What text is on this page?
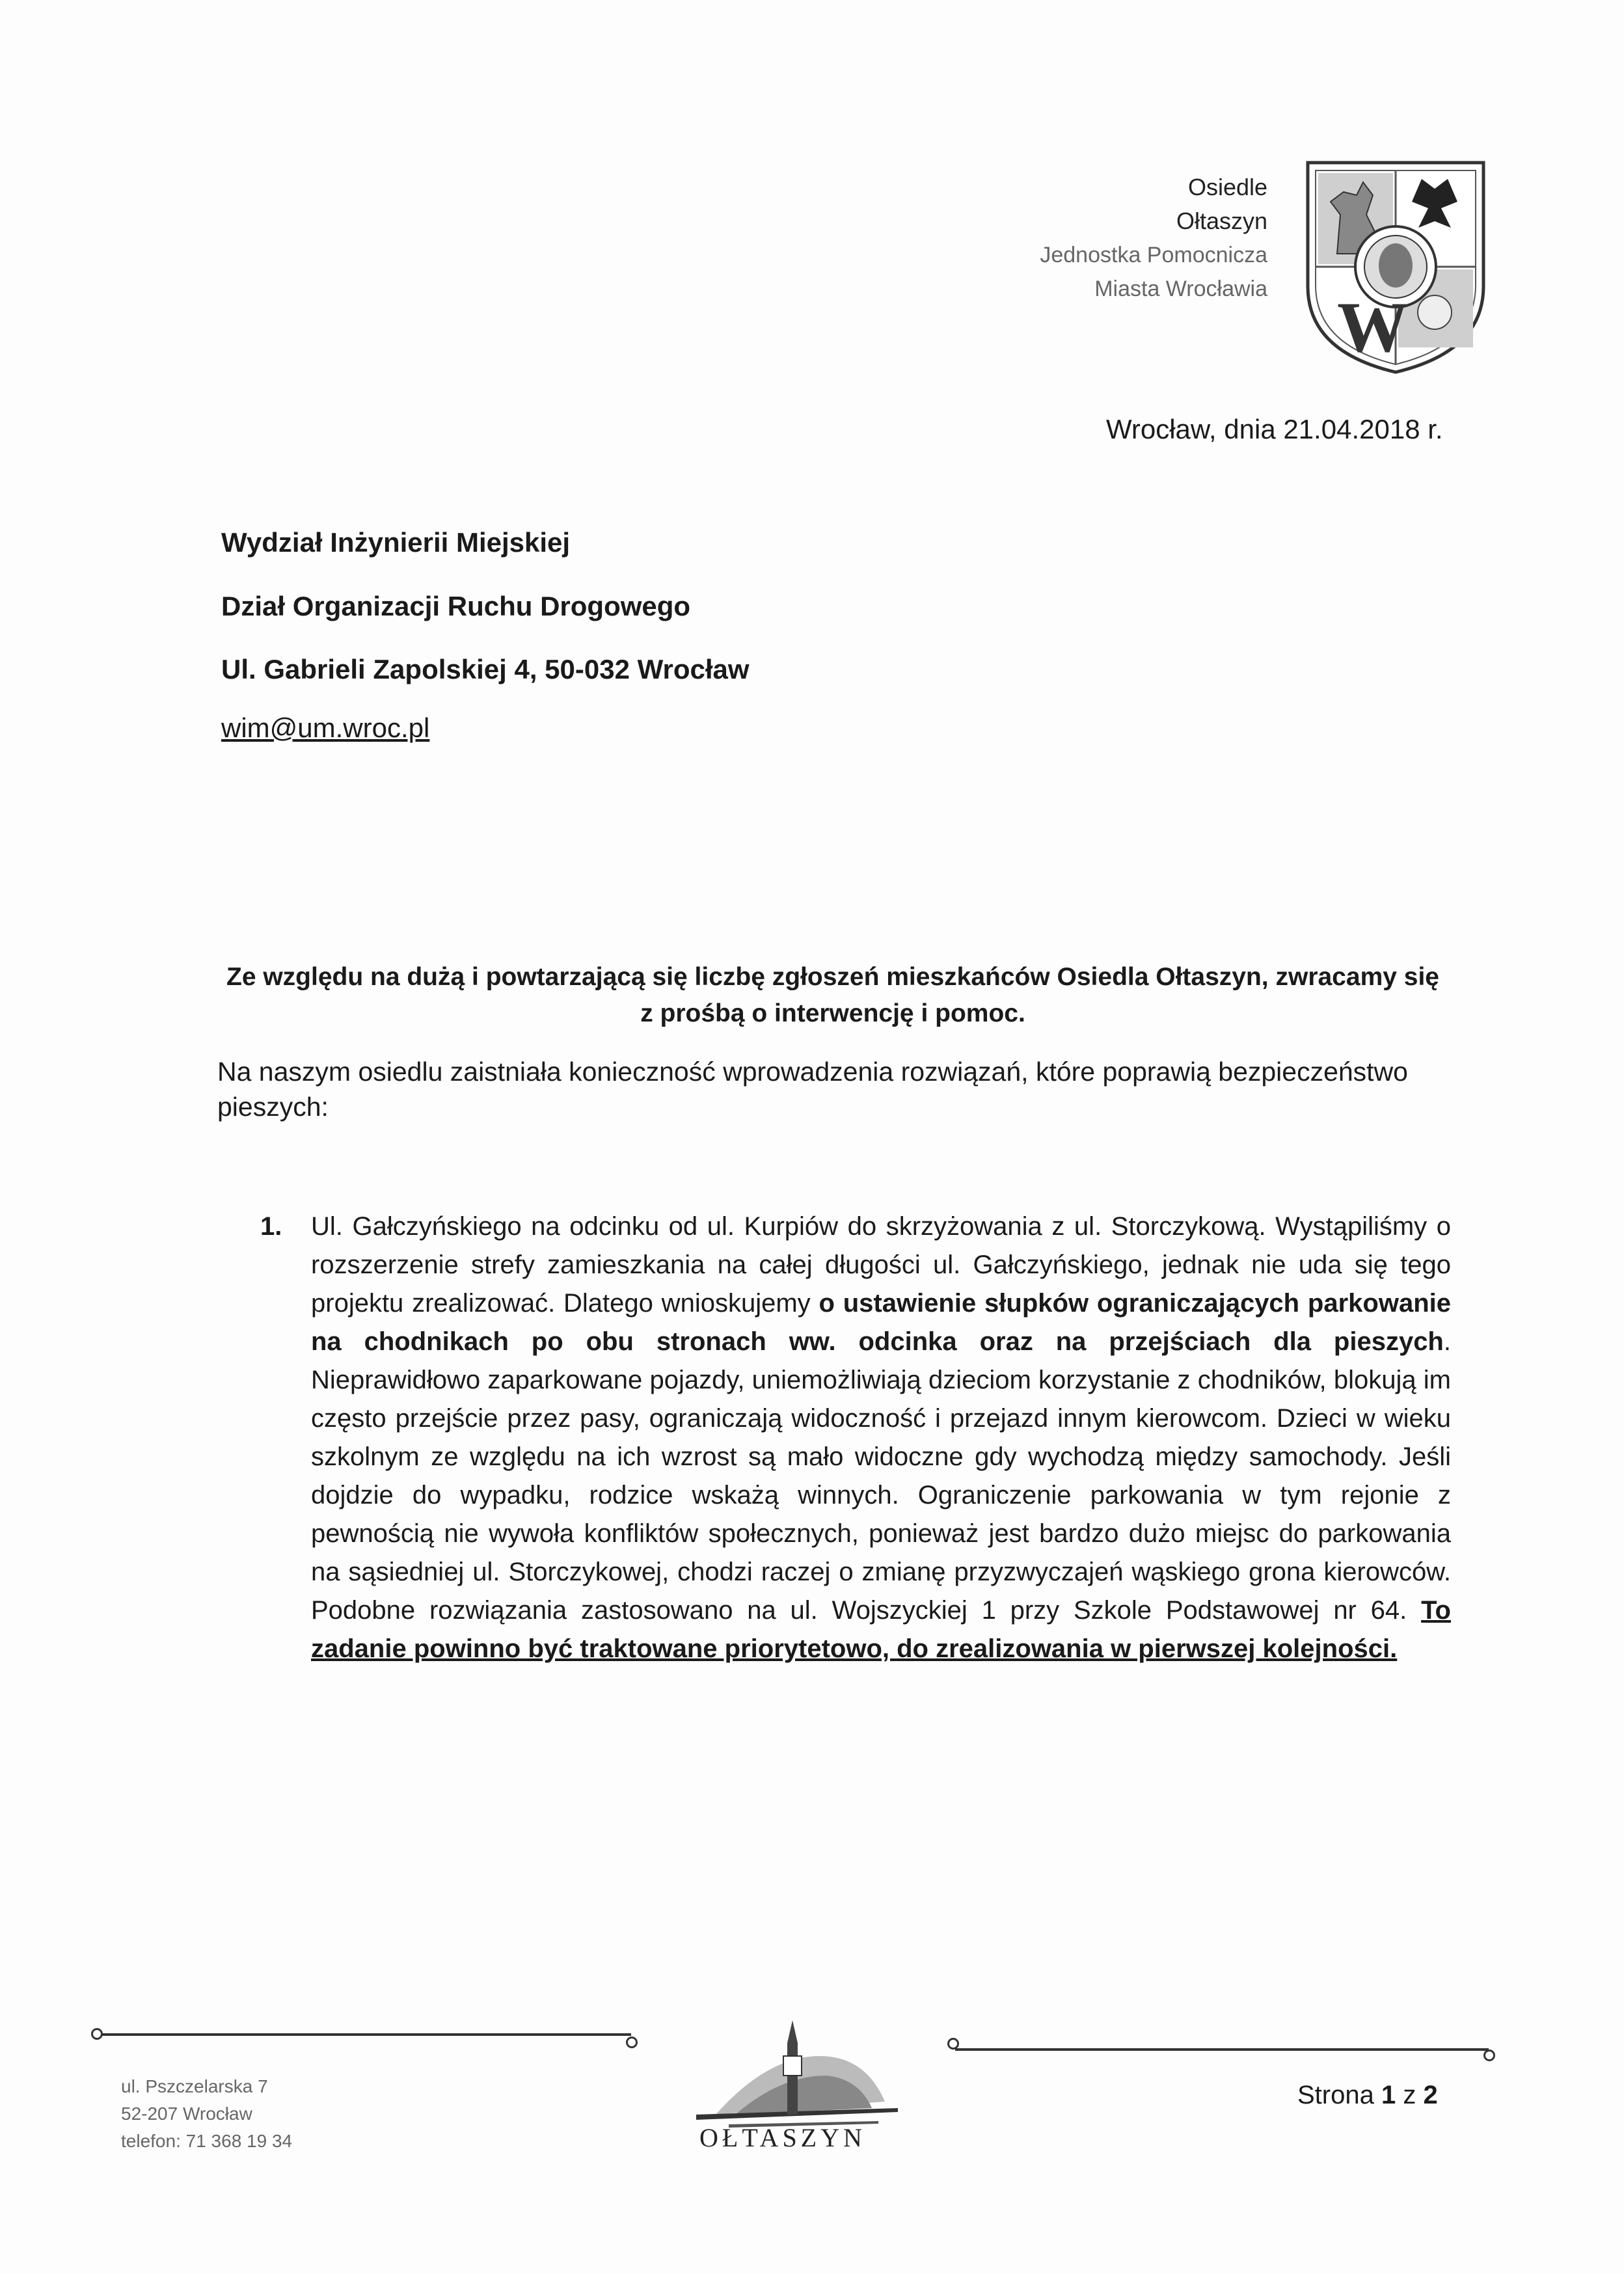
Osiedle
Ołtaszyn
Jednostka Pomocnicza
Miasta Wrocławia W
Wrocław, dnia 21.04.2018 r.
Wydział Inżynierii Miejskiej
Dział Organizacji Ruchu Drogowego
Ul. Gabrieli Zapolskiej 4, 50-032 Wrocław
wim@um.wroc.pl
Ze względu na dużą i powtarzającą się liczbę zgłoszeń mieszkańców Osiedla Ołtaszyn, zwracamy się z prośbą o interwencję i pomoc.
Na naszym osiedlu zaistniała konieczność wprowadzenia rozwiązań, które poprawią bezpieczeństwo pieszych:
1. Ul. Gałczyńskiego na odcinku od ul. Kurpiów do skrzyżowania z ul. Storczykową. Wystąpiliśmy o rozszerzenie strefy zamieszkania na całej długości ul. Gałczyńskiego, jednak nie uda się tego projektu zrealizować. Dlatego wnioskujemy o ustawienie słupków ograniczających parkowanie na chodnikach po obu stronach ww. odcinka oraz na przejściach dla pieszych. Nieprawidłowo zaparkowane pojazdy, uniemożliwiają dzieciom korzystanie z chodników, blokują im często przejście przez pasy, ograniczają widoczność i przejazd innym kierowcom. Dzieci w wieku szkolnym ze względu na ich wzrost są mało widoczne gdy wychodzą między samochody. Jeśli dojdzie do wypadku, rodzice wskażą winnych. Ograniczenie parkowania w tym rejonie z pewnością nie wywoła konfliktów społecznych, ponieważ jest bardzo dużo miejsc do parkowania na sąsiedniej ul. Storczykowej, chodzi raczej o zmianę przyzwyczajeń wąskiego grona kierowców. Podobne rozwiązania zastosowano na ul. Wojszyckiej 1 przy Szkole Podstawowej nr 64. To zadanie powinno być traktowane priorytetowo, do zrealizowania w pierwszej kolejności.
ul. Pszczelarska 7
52-207 Wrocław
telefon: 71 368 19 34	OŁTASZYN
Strona 1 z 2
